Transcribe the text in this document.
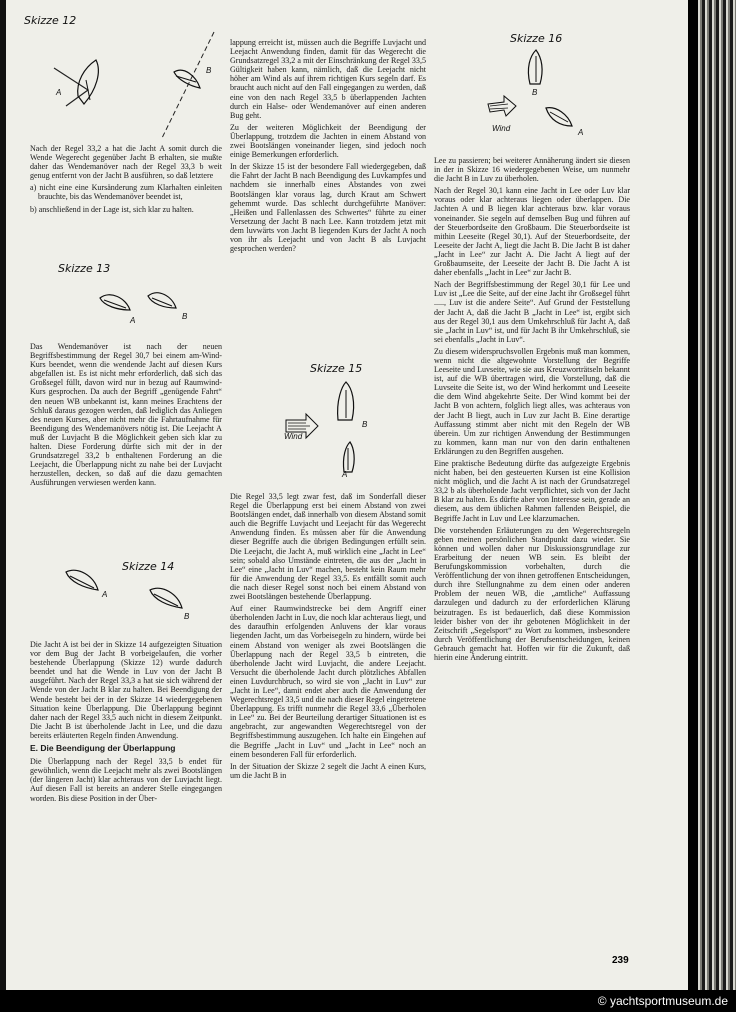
Skizze 12
A
B

Nach der Regel 33,2 a hat die Jacht A somit durch die Wende Wegerecht gegenüber Jacht B erhalten, sie mußte daher das Wendemanöver nach der Regel 33,3 b weit genug entfernt von der Jacht B ausführen, so daß letztere

a) nicht eine eine Kursänderung zum Klarhalten einleiten brauchte, bis das Wendemanöver beendet ist,

b) anschließend in der Lage ist, sich klar zu halten.

Skizze 13
A	B

Das Wendemanöver ist nach der neuen Begriffsbestimmung der Regel 30,7 bei einem am-Wind-Kurs beendet, wenn die wendende Jacht auf diesen Kurs abgefallen ist. Es ist nicht mehr erforderlich, daß sich das Großsegel füllt, davon wird nur in bezug auf Raumwind-Kurs gesprochen. Da auch der Begriff „genügende Fahrt“ den neuen WB unbekannt ist, kann meines Erachtens der Schluß daraus gezogen werden, daß lediglich das Anliegen des neuen Kurses, aber nicht mehr die Fahrtaufnahme für Beendigung des Wendemanövers nötig ist. Die Leejacht A muß der Luvjacht B die Möglichkeit geben sich klar zu halten. Diese Forderung dürfte sich mit der in der Grundsatzregel 33,2 b enthaltenen Forderung an die Leejacht, die Überlappung nicht zu nahe bei der Luvjacht herzustellen, decken, so daß auf die dazu gemachten Ausführungen verwiesen werden kann.

Skizze 14
A
B

Die Jacht A ist bei der in Skizze 14 aufgezeigten Situation vor dem Bug der Jacht B vorbeigelaufen, die vorher bestehende Überlappung (Skizze 12) wurde dadurch beendet und hat die Wende in Luv von der Jacht B ausgeführt. Nach der Regel 33,3 a hat sie sich während der Wende von der Jacht B klar zu halten. Bei Beendigung der Wende besteht bei der in der Skizze 14 wiedergegebenen Situation keine Überlappung. Die Überlappung beginnt daher nach der Regel 33,5 auch nicht in diesem Zeitpunkt. Die Jacht B ist überholende Jacht in Lee, und die dazu bereits erläuterten Regeln finden Anwendung.

E. Die Beendigung der Überlappung

Die Überlappung nach der Regel 33,5 b endet für gewöhnlich, wenn die Leejacht mehr als zwei Bootslängen (der längeren Jacht) klar achteraus von der Luvjacht liegt. Auf diesen Fall ist bereits an anderer Stelle eingegangen worden. Bis diese Position in der Über-

lappung erreicht ist, müssen auch die Begriffe Luvjacht und Leejacht Anwendung finden, damit für das Wegerecht die Grundsatzregel 33,2 a mit der Einschränkung der Regel 33,5 Gültigkeit haben kann, nämlich, daß die Leejacht nicht höher am Wind als auf ihrem richtigen Kurs segeln darf. Es braucht auch nicht auf den Fall eingegangen zu werden, daß eine von den nach Regel 33,5 b überlappenden Jachten durch ein Halse- oder Wendemanöver auf einen anderen Bug geht.

Zu der weiteren Möglichkeit der Beendigung der Überlappung, trotzdem die Jachten in einem Abstand von zwei Bootslängen voneinander liegen, sind jedoch noch einige Bemerkungen erforderlich.

In der Skizze 15 ist der besondere Fall wiedergegeben, daß die Fahrt der Jacht B nach Beendigung des Luvkampfes und nachdem sie innerhalb eines Abstandes von zwei Bootslängen klar voraus lag, durch Kraut am Schwert gehemmt wurde. Das schlecht durchgeführte Manöver: „Heißen und Fallenlassen des Schwertes“ führte zu einer Versetzung der Jacht B nach Lee. Kann trotzdem jetzt mit dem luvwärts von Jacht B liegenden Kurs der Jacht A noch von ihr als Leejacht und von Jacht B als Luvjacht gesprochen werden?

Skizze 15
Wind
B
A

Die Regel 33,5 legt zwar fest, daß im Sonderfall dieser Regel die Überlappung erst bei einem Abstand von zwei Bootslängen endet, daß innerhalb von diesem Abstand somit auch die Begriffe Luvjacht und Leejacht für das Wegerecht Anwendung finden. Es müssen aber für die Anwendung dieser Begriffe auch die übrigen Bedingungen erfüllt sein. Die Leejacht, die Jacht A, muß wirklich eine „Jacht in Lee“ sein; sobald also Umstände eintreten, die aus der „Jacht in Lee“ eine „Jacht in Luv“ machen, besteht kein Raum mehr für die Anwendung der Regel 33,5. Es entfällt somit auch die nach dieser Regel sonst noch bei einem Abstand von zwei Bootslängen bestehende Überlappung.

Auf einer Raumwindstrecke bei dem Angriff einer überholenden Jacht in Luv, die noch klar achteraus liegt, und des daraufhin erfolgenden Anluvens der klar voraus liegenden Jacht, um das Vorbeisegeln zu hindern, würde bei einem Abstand von weniger als zwei Bootslängen die Überlappung nach der Regel 33,5 b eintreten, die überholende Jacht wird Luvjacht, die andere Leejacht. Versucht die überholende Jacht durch plötzliches Abfallen einen Luvdurchbruch, so wird sie von „Jacht in Luv“ zur „Jacht in Lee“, damit endet aber auch die Anwendung der Wegerechtsregel 33,5 und die nach dieser Regel eingetretene Überlappung. Es trifft nunmehr die Regel 33,6 „Überholen in Lee“ zu. Bei der Beurteilung derartiger Situationen ist es angebracht, zur angewandten Wegerechtsregel von der Begriffsbestimmung auszugehen. Ich halte ein Eingehen auf die Begriffe „Jacht in Luv“ und „Jacht in Lee“ noch an einem besonderen Fall für erforderlich.

In der Situation der Skizze 2 segelt die Jacht A einen Kurs, um die Jacht B in

Skizze 16
B
Wind	A

Lee zu passieren; bei weiterer Annäherung ändert sie diesen in der in Skizze 16 wiedergegebenen Weise, um nunmehr die Jacht B in Luv zu überholen.

Nach der Regel 30,1 kann eine Jacht in Lee oder Luv klar voraus oder klar achteraus liegen oder überlappen. Die Jachten A und B liegen klar achteraus bzw. klar voraus voneinander. Sie segeln auf demselben Bug und führen auf der Steuerbordseite den Großbaum. Die Steuerbordseite ist mithin Leeseite (Regel 30,1). Auf der Steuerbordseite, der Leeseite der Jacht A, liegt die Jacht B. Die Jacht B ist daher „Jacht in Lee“ zur Jacht A. Die Jacht A liegt auf der Großbaumseite, der Leeseite der Jacht B. Die Jacht A ist daher ebenfalls „Jacht in Lee“ zur Jacht B.

Nach der Begriffsbestimmung der Regel 30,1 für Lee und Luv ist „Lee die Seite, auf der eine Jacht ihr Großsegel führt ....., Luv ist die andere Seite“. Auf Grund der Feststellung der Jacht A, daß die Jacht B „Jacht in Lee“ ist, ergibt sich aus der Regel 30,1 aus dem Umkehrschluß für Jacht A, daß sie „Jacht in Luv“ ist, und für Jacht B ihr Umkehrschluß, sie sei ebenfalls „Jacht in Luv“.

Zu diesem widerspruchsvollen Ergebnis muß man kommen, wenn nicht die altgewohnte Vorstellung der Begriffe Leeseite und Luvseite, wie sie aus Kreuzworträtseln bekannt ist, auf die WB übertragen wird, die Vorstellung, daß die Luvseite die Seite ist, wo der Wind herkommt und Leeseite die dem Wind abgekehrte Seite. Der Wind kommt bei der Jacht B von achtern, folglich liegt alles, was achteraus von der Jacht B liegt, auch in Luv zur Jacht B. Eine derartige Auffassung stimmt aber nicht mit den Regeln der WB überein. Um zur richtigen Anwendung der Bestimmungen zu kommen, kann man nur von den darin enthaltenen Erklärungen zu den Begriffen ausgehen.

Eine praktische Bedeutung dürfte das aufgezeigte Ergebnis nicht haben, bei den gesteuerten Kursen ist eine Kollision nicht möglich, und die Jacht A ist nach der Grundsatzregel 33,2 b als überholende Jacht verpflichtet, sich von der Jacht B klar zu halten. Es dürfte aber von Interesse sein, gerade an diesem, aus dem üblichen Rahmen fallenden Beispiel, die Begriffe Jacht in Luv und Lee klarzumachen.

Die vorstehenden Erläuterungen zu den Wegerechtsregeln geben meinen persönlichen Standpunkt dazu wieder. Sie können und wollen daher nur Diskussionsgrundlage zur Erarbeitung der neuen WB sein. Es bleibt der Berufungskommission vorbehalten, durch die Veröffentlichung der von ihnen getroffenen Entscheidungen, durch ihre Stellungnahme zu dem einen oder anderen Problem der neuen WB, die „amtliche“ Auffassung darzulegen und dadurch zu der erforderlichen Klärung beizutragen. Es ist bedauerlich, daß diese Kommission leider bisher von der ihr gebotenen Möglichkeit in der Zeitschrift „Segelsport“ zu Wort zu kommen, insbesondere durch Veröffentlichung der Berufsentscheidungen, keinen Gebrauch gemacht hat. Hoffen wir für die Zukunft, daß hierin eine Änderung eintritt.

239
© yachtsportmuseum.de
